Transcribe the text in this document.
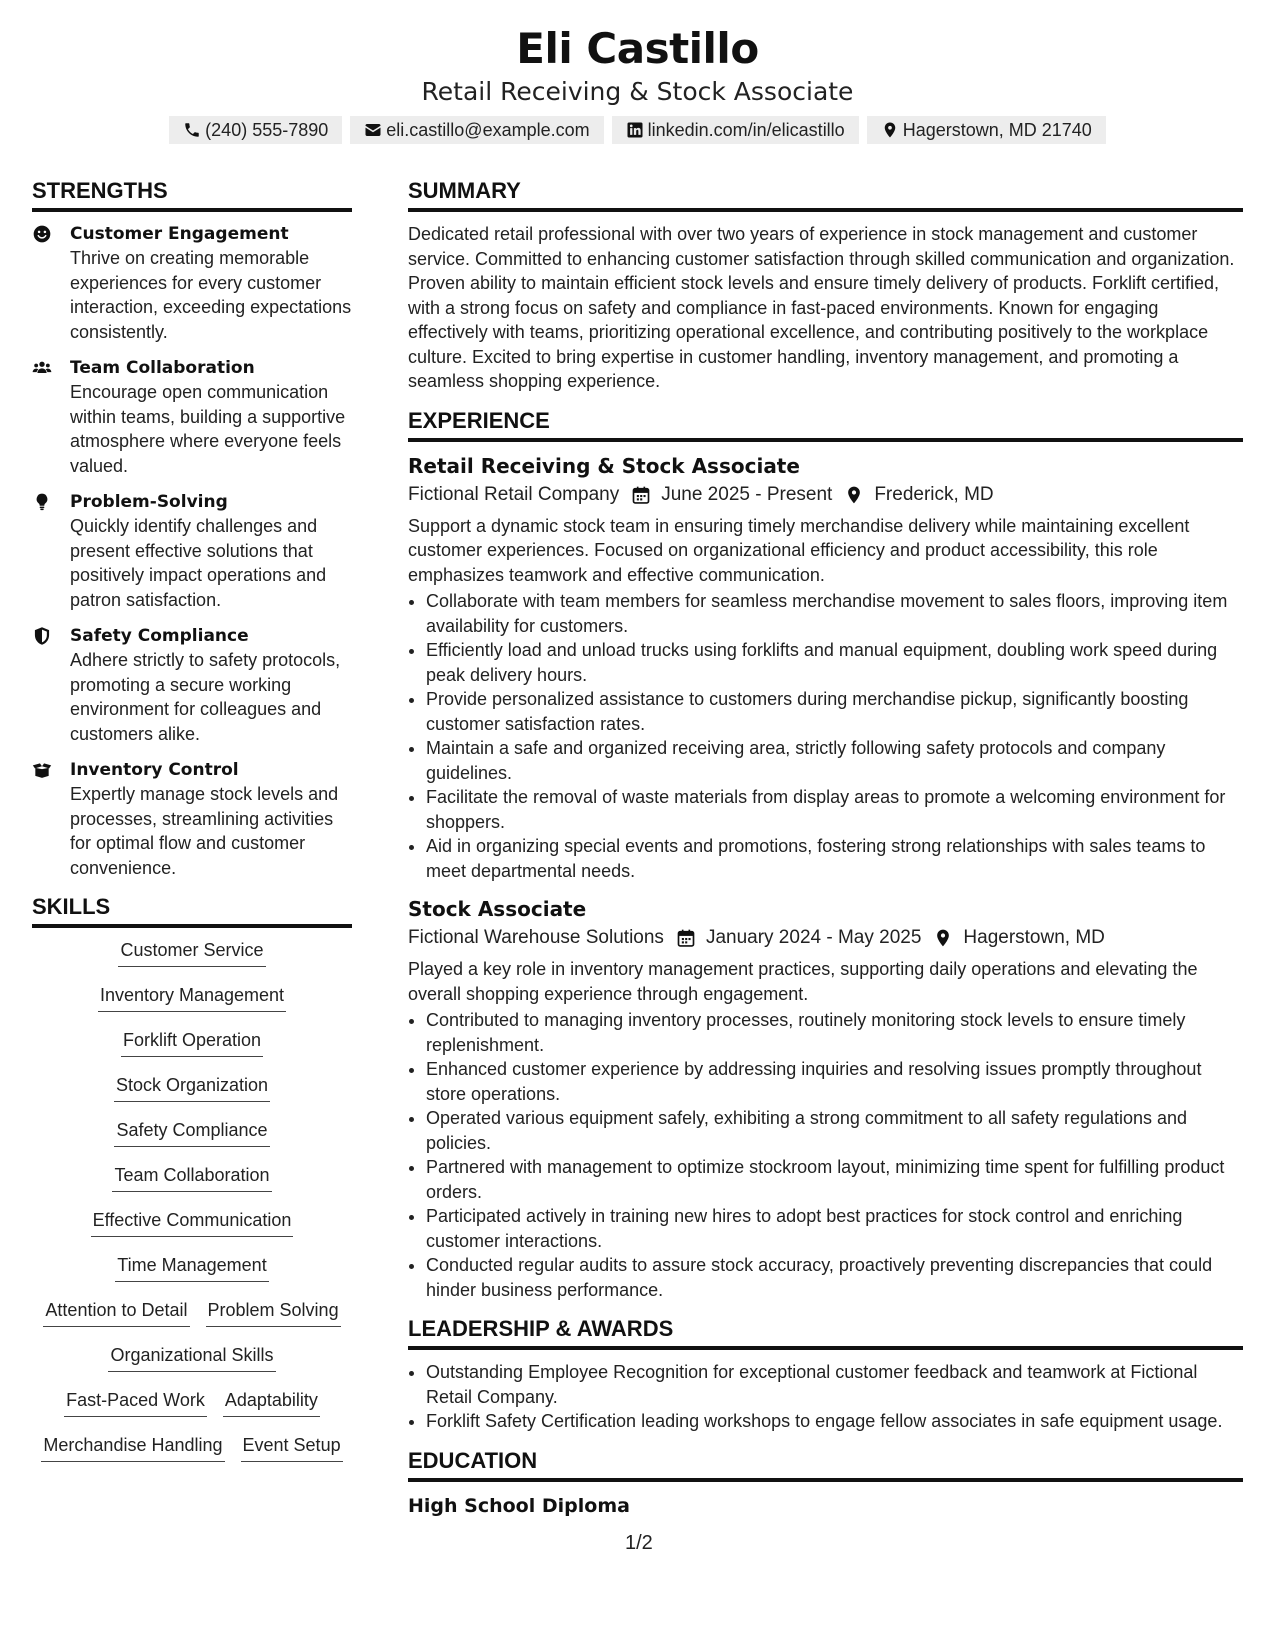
Eli Castillo
Retail Receiving & Stock Associate
(240) 555-7890	eli.castillo@example.com	linkedin.com/in/elicastillo	Hagerstown, MD 21740
STRENGTHS
Customer Engagement
Thrive on creating memorable experiences for every customer interaction, exceeding expectations consistently.
Team Collaboration
Encourage open communication within teams, building a supportive atmosphere where everyone feels valued.
Problem-Solving
Quickly identify challenges and present effective solutions that positively impact operations and patron satisfaction.
Safety Compliance
Adhere strictly to safety protocols, promoting a secure working environment for colleagues and customers alike.
Inventory Control
Expertly manage stock levels and processes, streamlining activities for optimal flow and customer convenience.
SKILLS
Customer Service
Inventory Management
Forklift Operation
Stock Organization
Safety Compliance
Team Collaboration
Effective Communication
Time Management
Attention to Detail Problem Solving
Organizational Skills
Fast-Paced Work Adaptability
Merchandise Handling Event Setup
SUMMARY
Dedicated retail professional with over two years of experience in stock management and customer service. Committed to enhancing customer satisfaction through skilled communication and organization. Proven ability to maintain efficient stock levels and ensure timely delivery of products. Forklift certified, with a strong focus on safety and compliance in fast-paced environments. Known for engaging effectively with teams, prioritizing operational excellence, and contributing positively to the workplace culture. Excited to bring expertise in customer handling, inventory management, and promoting a seamless shopping experience.
EXPERIENCE
Retail Receiving & Stock Associate
Fictional Retail Company June 2025 - Present Frederick, MD
Support a dynamic stock team in ensuring timely merchandise delivery while maintaining excellent customer experiences. Focused on organizational efficiency and product accessibility, this role emphasizes teamwork and effective communication.
• Collaborate with team members for seamless merchandise movement to sales floors, improving item availability for customers.
• Efficiently load and unload trucks using forklifts and manual equipment, doubling work speed during peak delivery hours.
• Provide personalized assistance to customers during merchandise pickup, significantly boosting customer satisfaction rates.
• Maintain a safe and organized receiving area, strictly following safety protocols and company guidelines.
• Facilitate the removal of waste materials from display areas to promote a welcoming environment for shoppers.
• Aid in organizing special events and promotions, fostering strong relationships with sales teams to meet departmental needs.
Stock Associate
Fictional Warehouse Solutions January 2024 - May 2025 Hagerstown, MD
Played a key role in inventory management practices, supporting daily operations and elevating the overall shopping experience through engagement.
• Contributed to managing inventory processes, routinely monitoring stock levels to ensure timely replenishment.
• Enhanced customer experience by addressing inquiries and resolving issues promptly throughout store operations.
• Operated various equipment safely, exhibiting a strong commitment to all safety regulations and policies.
• Partnered with management to optimize stockroom layout, minimizing time spent for fulfilling product orders.
• Participated actively in training new hires to adopt best practices for stock control and enriching customer interactions.
• Conducted regular audits to assure stock accuracy, proactively preventing discrepancies that could hinder business performance.
LEADERSHIP & AWARDS
• Outstanding Employee Recognition for exceptional customer feedback and teamwork at Fictional Retail Company.
• Forklift Safety Certification leading workshops to engage fellow associates in safe equipment usage.
EDUCATION
High School Diploma
1/2
